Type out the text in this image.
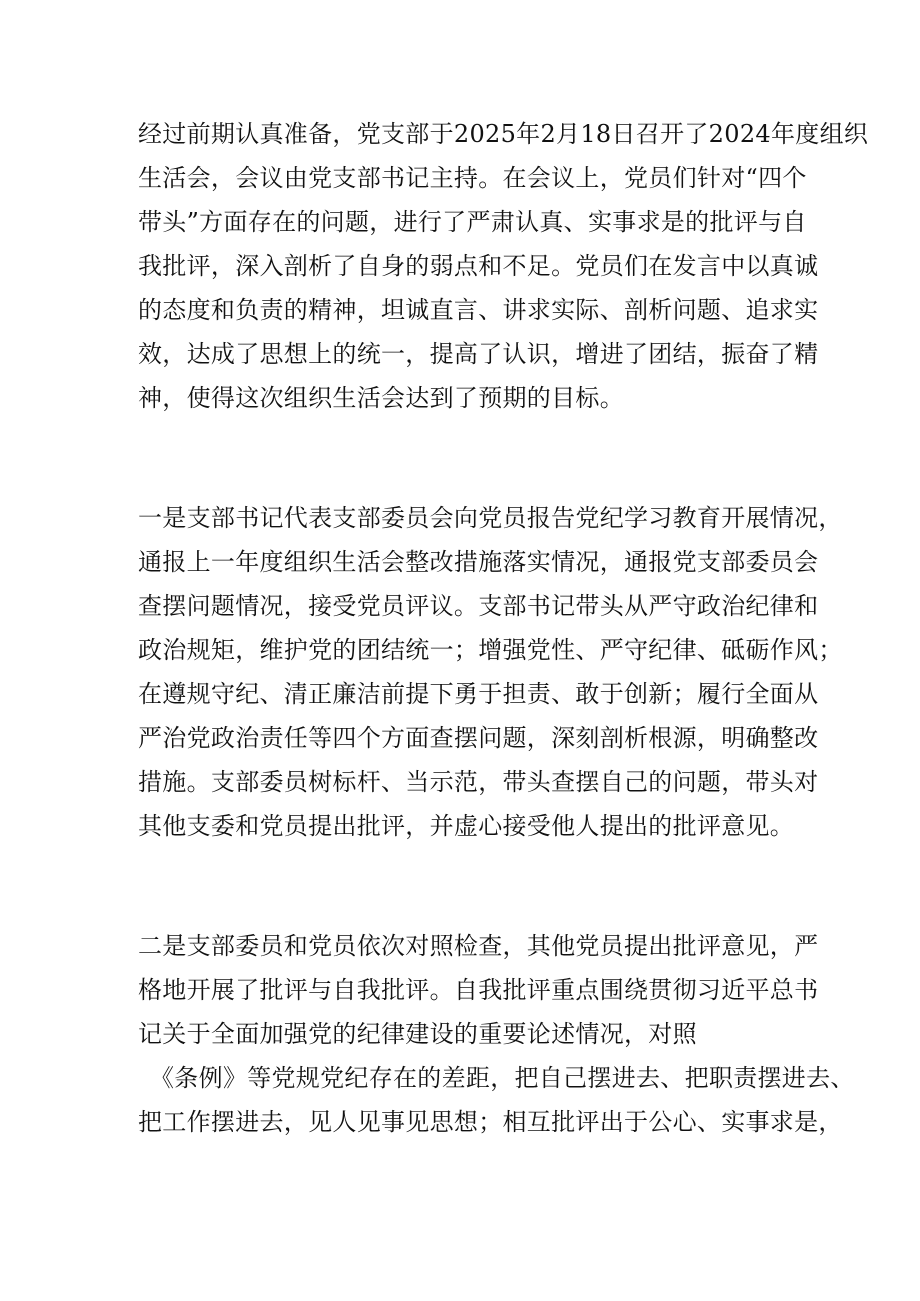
经过前期认真准备，党支部于2025年2月18日召开了2024年度组织

生活会，会议由党支部书记主持。在会议上，党员们针对“四个

带头”方面存在的问题，进行了严肃认真、实事求是的批评与自

我批评，深入剖析了自身的弱点和不足。党员们在发言中以真诚

的态度和负责的精神，坦诚直言、讲求实际、剖析问题、追求实

效，达成了思想上的统一，提高了认识，增进了团结，振奋了精

神，使得这次组织生活会达到了预期的目标。

一是支部书记代表支部委员会向党员报告党纪学习教育开展情况，

通报上一年度组织生活会整改措施落实情况，通报党支部委员会

查摆问题情况，接受党员评议。支部书记带头从严守政治纪律和

政治规矩，维护党的团结统一；增强党性、严守纪律、砥砺作风；

在遵规守纪、清正廉洁前提下勇于担责、敢于创新；履行全面从

严治党政治责任等四个方面查摆问题，深刻剖析根源，明确整改

措施。支部委员树标杆、当示范，带头查摆自己的问题，带头对

其他支委和党员提出批评，并虚心接受他人提出的批评意见。

二是支部委员和党员依次对照检查，其他党员提出批评意见，严

格地开展了批评与自我批评。自我批评重点围绕贯彻习近平总书

记关于全面加强党的纪律建设的重要论述情况，对照

《条例》等党规党纪存在的差距，把自己摆进去、把职责摆进去、

把工作摆进去，见人见事见思想；相互批评出于公心、实事求是，
